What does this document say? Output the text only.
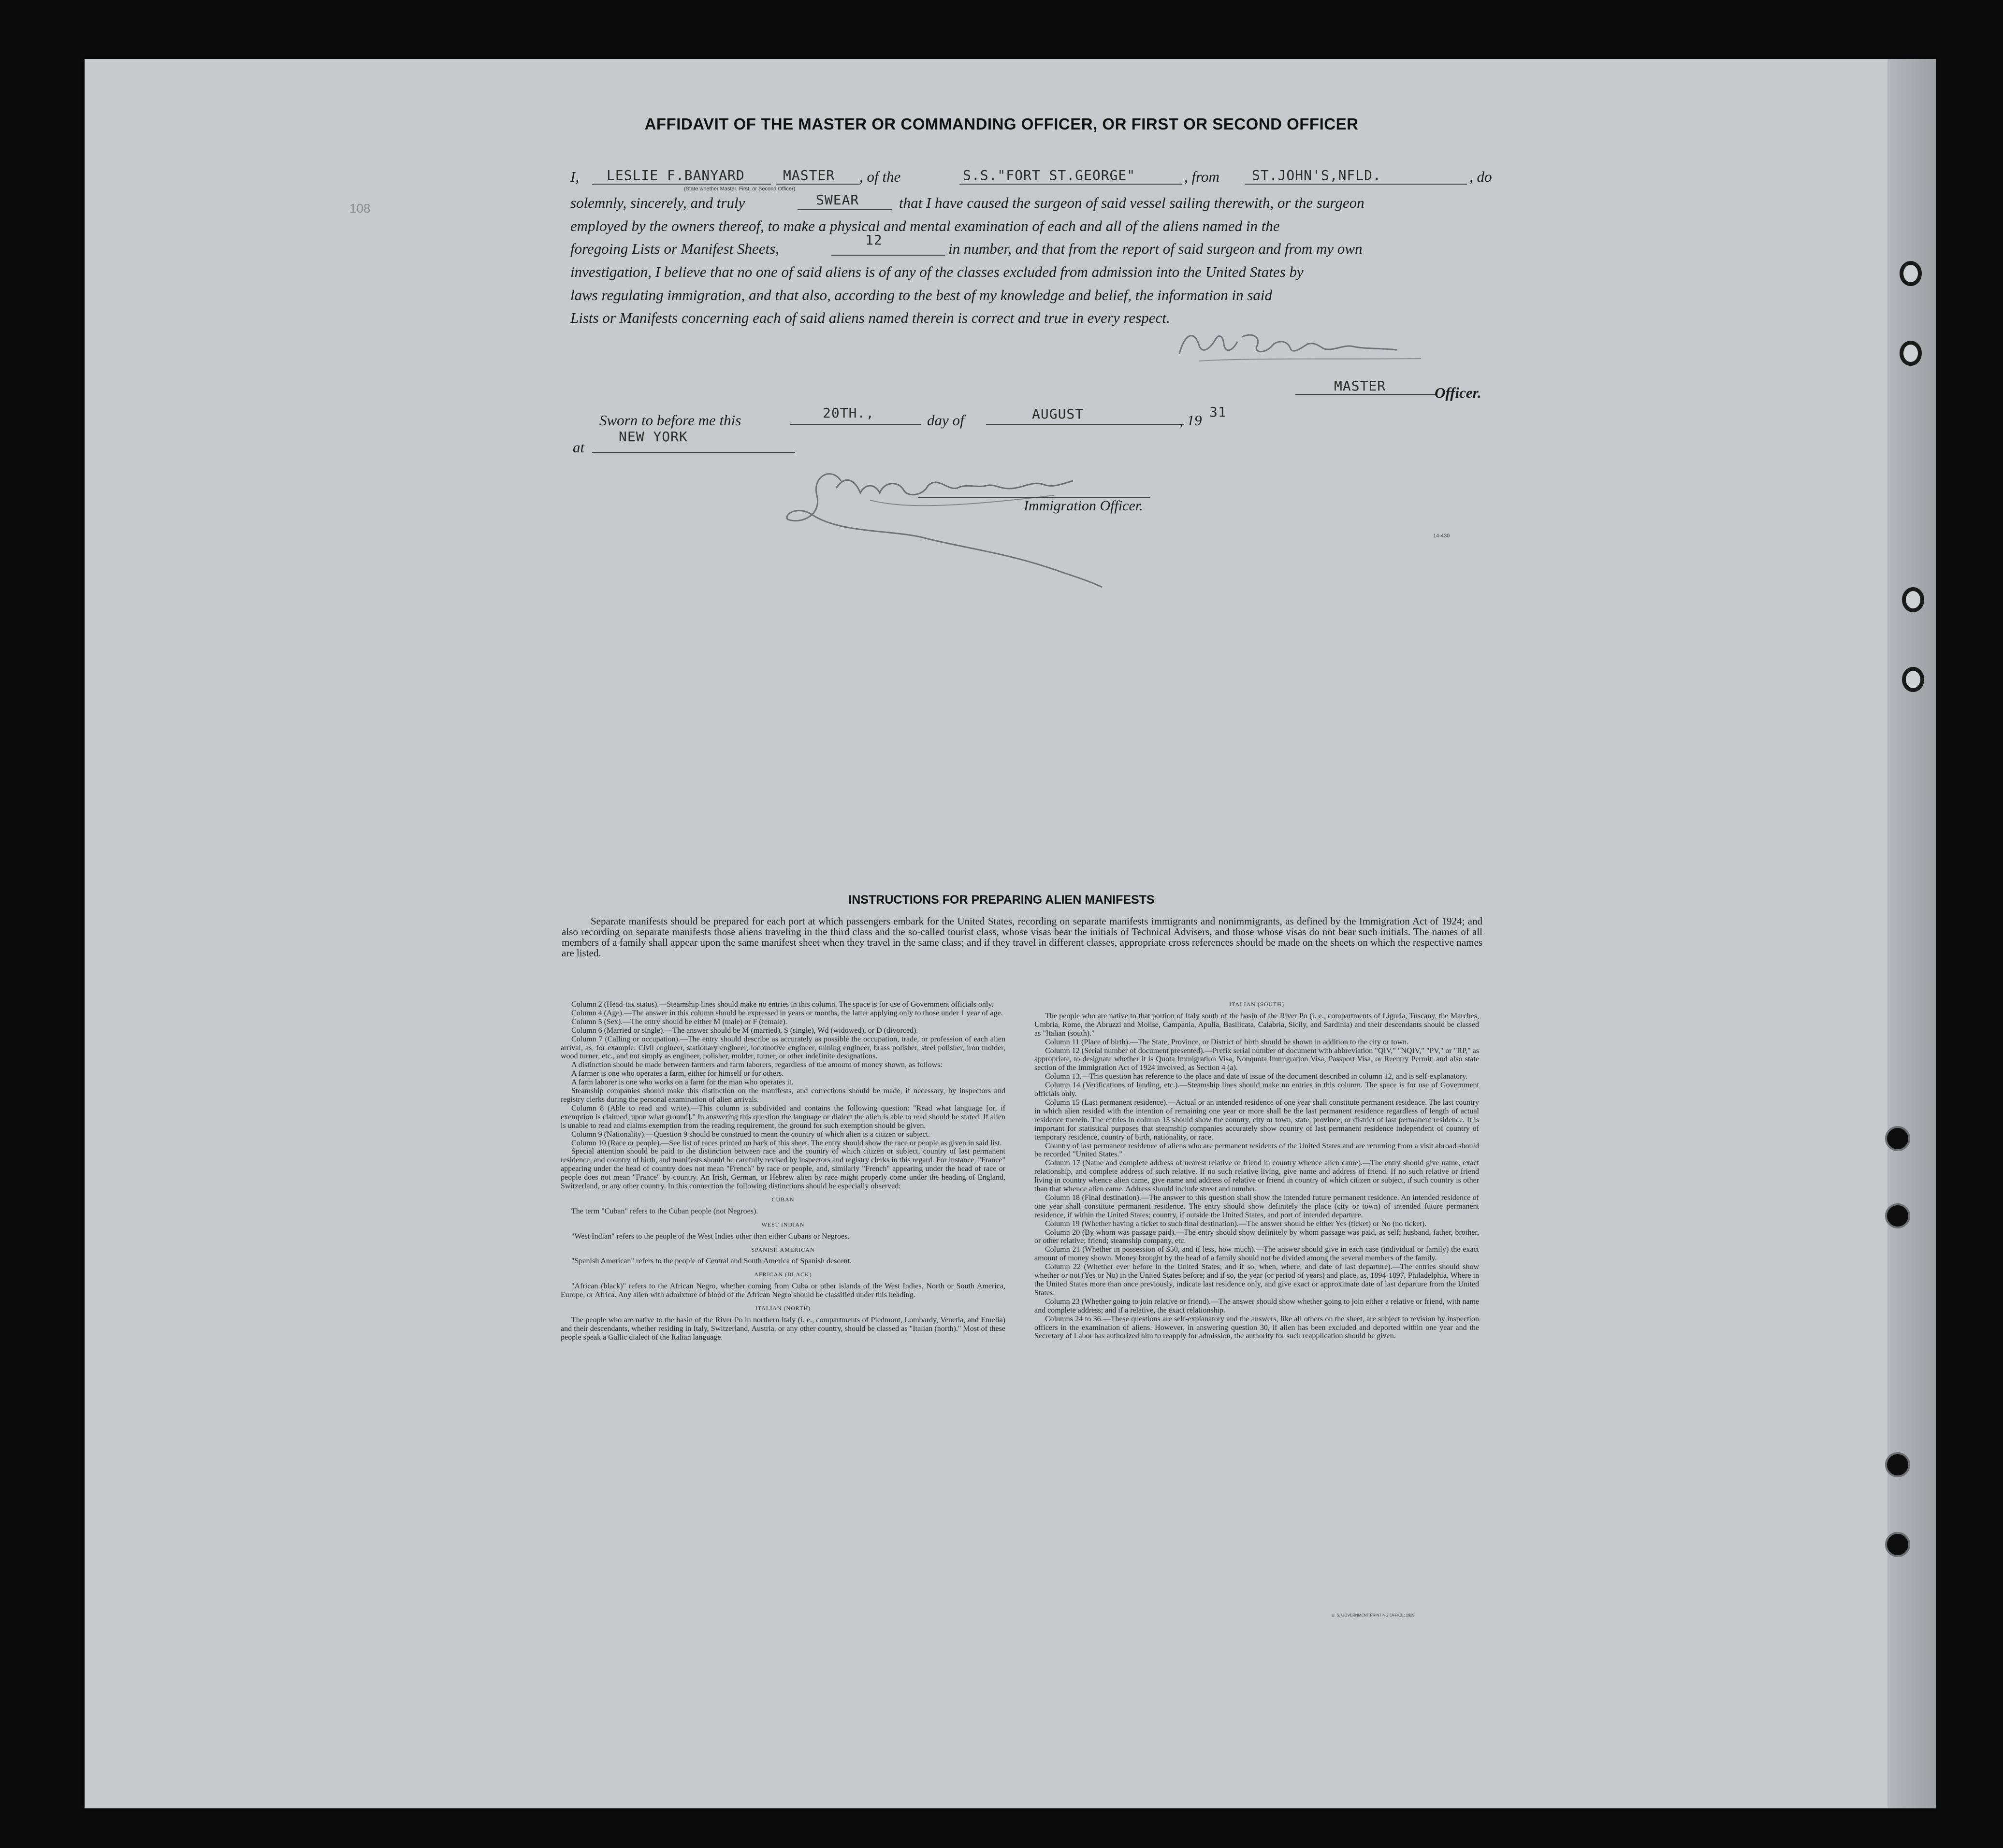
108
AFFIDAVIT OF THE MASTER OR COMMANDING OFFICER, OR FIRST OR SECOND OFFICER
I, LESLIE F.BANYARD	MASTER
(State whether Master, First, or Second Officer)
, of the	S.S."FORT ST.GEORGE"	, from ST.JOHN'S,NFLD.	, do
solemnly, sincerely, and truly	SWEAR	that I have caused the surgeon of said vessel sailing therewith, or the surgeon
employed by the owners thereof, to make a physical and mental examination of each and all of the aliens named in the
foregoing Lists or Manifest Sheets,
12
in number, and that from the report of said surgeon and from my own
investigation, I believe that no one of said aliens is of any of the classes excluded from admission into the United States by
laws regulating immigration, and that also, according to the best of my knowledge and belief, the information in said
Lists or Manifests concerning each of said aliens named therein is correct and true in every respect.
MASTER	Officer.
Sworn to before me this	20TH.,	day of	AUGUST	, 19 31
at
NEW YORK
Immigration Officer.
14-430
INSTRUCTIONS FOR PREPARING ALIEN MANIFESTS
Separate manifests should be prepared for each port at which passengers embark for the United States, recording on separate manifests immigrants and nonimmigrants, as defined by the Immigration Act of 1924; and also recording on separate manifests those aliens traveling in the third class and the so-called tourist class, whose visas bear the initials of Technical Advisers, and those whose visas do not bear such initials. The names of all members of a family shall appear upon the same manifest sheet when they travel in the same class; and if they travel in different classes, appropriate cross references should be made on the sheets on which the respective names are listed.

Column 2 (Head-tax status).—Steamship lines should make no entries in this column. The space is for use of Government officials only.

Column 4 (Age).—The answer in this column should be expressed in years or months, the latter applying only to those under 1 year of age.

Column 5 (Sex).—The entry should be either M (male) or F (female).

Column 6 (Married or single).—The answer should be M (married), S (single), Wd (widowed), or D (divorced).

Column 7 (Calling or occupation).—The entry should describe as accurately as possible the occupation, trade, or profession of each alien arrival, as, for example: Civil engineer, stationary engineer, locomotive engineer, mining engineer, brass polisher, steel polisher, iron molder, wood turner, etc., and not simply as engineer, polisher, molder, turner, or other indefinite designations.

A distinction should be made between farmers and farm laborers, regardless of the amount of money shown, as follows:

A farmer is one who operates a farm, either for himself or for others.

A farm laborer is one who works on a farm for the man who operates it.

Steamship companies should make this distinction on the manifests, and corrections should be made, if necessary, by inspectors and registry clerks during the personal examination of alien arrivals.

Column 8 (Able to read and write).—This column is subdivided and contains the following question: "Read what language [or, if exemption is claimed, upon what ground]." In answering this question the language or dialect the alien is able to read should be stated. If alien is unable to read and claims exemption from the reading requirement, the ground for such exemption should be given.

Column 9 (Nationality).—Question 9 should be construed to mean the country of which alien is a citizen or subject.

Column 10 (Race or people).—See list of races printed on back of this sheet. The entry should show the race or people as given in said list.

Special attention should be paid to the distinction between race and the country of which citizen or subject, country of last permanent residence, and country of birth, and manifests should be carefully revised by inspectors and registry clerks in this regard. For instance, "France" appearing under the head of country does not mean "French" by race or people, and, similarly "French" appearing under the head of race or people does not mean "France" by country. An Irish, German, or Hebrew alien by race might properly come under the heading of England, Switzerland, or any other country. In this connection the following distinctions should be especially observed:

CUBAN

The term "Cuban" refers to the Cuban people (not Negroes).

WEST INDIAN

"West Indian" refers to the people of the West Indies other than either Cubans or Negroes.

SPANISH AMERICAN

"Spanish American" refers to the people of Central and South America of Spanish descent.

AFRICAN (BLACK)

"African (black)" refers to the African Negro, whether coming from Cuba or other islands of the West Indies, North or South America, Europe, or Africa. Any alien with admixture of blood of the African Negro should be classified under this heading.

ITALIAN (NORTH)

The people who are native to the basin of the River Po in northern Italy (i. e., compartments of Piedmont, Lombardy, Venetia, and Emelia) and their descendants, whether residing in Italy, Switzerland, Austria, or any other country, should be classed as "Italian (north)." Most of these people speak a Gallic dialect of the Italian language.

ITALIAN (SOUTH)

The people who are native to that portion of Italy south of the basin of the River Po (i. e., compartments of Liguria, Tuscany, the Marches, Umbria, Rome, the Abruzzi and Molise, Campania, Apulia, Basilicata, Calabria, Sicily, and Sardinia) and their descendants should be classed as "Italian (south)."

Column 11 (Place of birth).—The State, Province, or District of birth should be shown in addition to the city or town.

Column 12 (Serial number of document presented).—Prefix serial number of document with abbreviation "QIV," "NQIV," "PV," or "RP," as appropriate, to designate whether it is Quota Immigration Visa, Nonquota Immigration Visa, Passport Visa, or Reentry Permit; and also state section of the Immigration Act of 1924 involved, as Section 4 (a).

Column 13.—This question has reference to the place and date of issue of the document described in column 12, and is self-explanatory.

Column 14 (Verifications of landing, etc.).—Steamship lines should make no entries in this column. The space is for use of Government officials only.

Column 15 (Last permanent residence).—Actual or an intended residence of one year shall constitute permanent residence. The last country in which alien resided with the intention of remaining one year or more shall be the last permanent residence regardless of length of actual residence therein. The entries in column 15 should show the country, city or town, state, province, or district of last permanent residence. It is important for statistical purposes that steamship companies accurately show country of last permanent residence independent of country of temporary residence, country of birth, nationality, or race.

Country of last permanent residence of aliens who are permanent residents of the United States and are returning from a visit abroad should be recorded "United States."

Column 17 (Name and complete address of nearest relative or friend in country whence alien came).—The entry should give name, exact relationship, and complete address of such relative. If no such relative living, give name and address of friend. If no such relative or friend living in country whence alien came, give name and address of relative or friend in country of which citizen or subject, if such country is other than that whence alien came. Address should include street and number.

Column 18 (Final destination).—The answer to this question shall show the intended future permanent residence. An intended residence of one year shall constitute permanent residence. The entry should show definitely the place (city or town) of intended future permanent residence, if within the United States; country, if outside the United States, and port of intended departure.

Column 19 (Whether having a ticket to such final destination).—The answer should be either Yes (ticket) or No (no ticket).

Column 20 (By whom was passage paid).—The entry should show definitely by whom passage was paid, as self; husband, father, brother, or other relative; friend; steamship company, etc.

Column 21 (Whether in possession of $50, and if less, how much).—The answer should give in each case (individual or family) the exact amount of money shown. Money brought by the head of a family should not be divided among the several members of the family.

Column 22 (Whether ever before in the United States; and if so, when, where, and date of last departure).—The entries should show whether or not (Yes or No) in the United States before; and if so, the year (or period of years) and place, as, 1894-1897, Philadelphia. Where in the United States more than once previously, indicate last residence only, and give exact or approximate date of last departure from the United States.

Column 23 (Whether going to join relative or friend).—The answer should show whether going to join either a relative or friend, with name and complete address; and if a relative, the exact relationship.

Columns 24 to 36.—These questions are self-explanatory and the answers, like all others on the sheet, are subject to revision by inspection officers in the examination of aliens. However, in answering question 30, if alien has been excluded and deported within one year and the Secretary of Labor has authorized him to reapply for admission, the authority for such reapplication should be given.

U. S. GOVERNMENT PRINTING OFFICE: 1929
